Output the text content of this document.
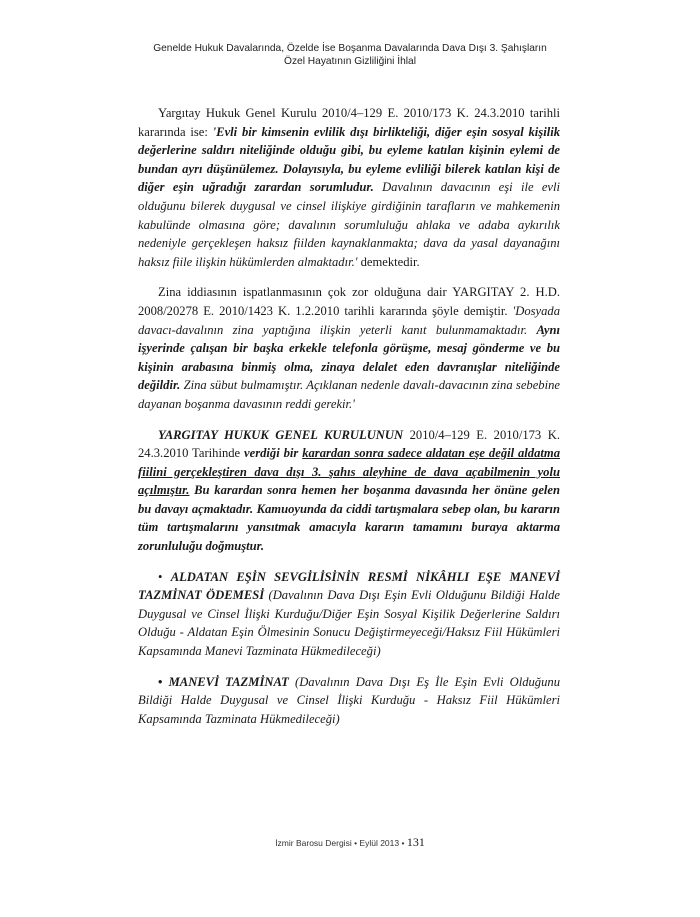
Genelde Hukuk Davalarında, Özelde İse Boşanma Davalarında Dava Dışı 3. Şahışların
Özel Hayatının Gizliliğini İhlal

Yargıtay Hukuk Genel Kurulu 2010/4–129 E. 2010/173 K. 24.3.2010 tarihli kararında ise: 'Evli bir kimsenin evlilik dışı birlikteliği, diğer eşin sosyal kişilik değerlerine saldırı niteliğinde olduğu gibi, bu eyleme katılan kişinin eylemi de bundan ayrı düşünülemez. Dolayısıyla, bu eyleme evliliği bilerek katılan kişi de diğer eşin uğradığı zarardan sorumludur. Davalının davacının eşi ile evli olduğunu bilerek duygusal ve cinsel ilişkiye girdiğinin tarafların ve mahkemenin kabulünde olmasına göre; davalının sorumluluğu ahlaka ve adaba aykırılık nedeniyle gerçekleşen haksız fiilden kaynaklanmakta; dava da yasal dayanağını haksız fiile ilişkin hükümlerden almaktadır.' demektedir.

Zina iddiasının ispatlanmasının çok zor olduğuna dair YARGITAY 2. H.D. 2008/20278 E. 2010/1423 K. 1.2.2010 tarihli kararında şöyle demiştir. 'Dosyada davacı-davalının zina yaptığına ilişkin yeterli kanıt bulunmamaktadır. Aynı işyerinde çalışan bir başka erkekle telefonla görüşme, mesaj gönderme ve bu kişinin arabasına binmiş olma, zinaya delalet eden davranışlar niteliğinde değildir. Zina sübut bulmamıştır. Açıklanan nedenle davalı-davacının zina sebebine dayanan boşanma davasının reddi gerekir.'

YARGITAY HUKUK GENEL KURULUNUN 2010/4–129 E. 2010/173 K. 24.3.2010 Tarihinde verdiği bir karardan sonra sadece aldatan eşe değil aldatma fiilini gerçekleştiren dava dışı 3. şahıs aleyhine de dava açabilmenin yolu açılmıştır. Bu karardan sonra hemen her boşanma davasında her önüne gelen bu davayı açmaktadır. Kamuoyunda da ciddi tartışmalara sebep olan, bu kararın tüm tartışmalarını yansıtmak amacıyla kararın tamamını buraya aktarma zorunluluğu doğmuştur.

• ALDATAN EŞİN SEVGİLİSİNİN RESMİ NİKÂHLI EŞE MANEVİ TAZMİNAT ÖDEMESİ (Davalının Dava Dışı Eşin Evli Olduğunu Bildiği Halde Duygusal ve Cinsel İlişki Kurduğu/Diğer Eşin Sosyal Kişilik Değerlerine Saldırı Olduğu - Aldatan Eşin Ölmesinin Sonucu Değiştirmeyeceği/Haksız Fiil Hükümleri Kapsamında Manevi Tazminata Hükmedileceği)

• MANEVİ TAZMİNAT (Davalının Dava Dışı Eş İle Eşin Evli Olduğunu Bildiği Halde Duygusal ve Cinsel İlişki Kurduğu - Haksız Fiil Hükümleri Kapsamında Tazminata Hükmedileceği)

İzmir Barosu Dergisi • Eylül 2013 • 131
